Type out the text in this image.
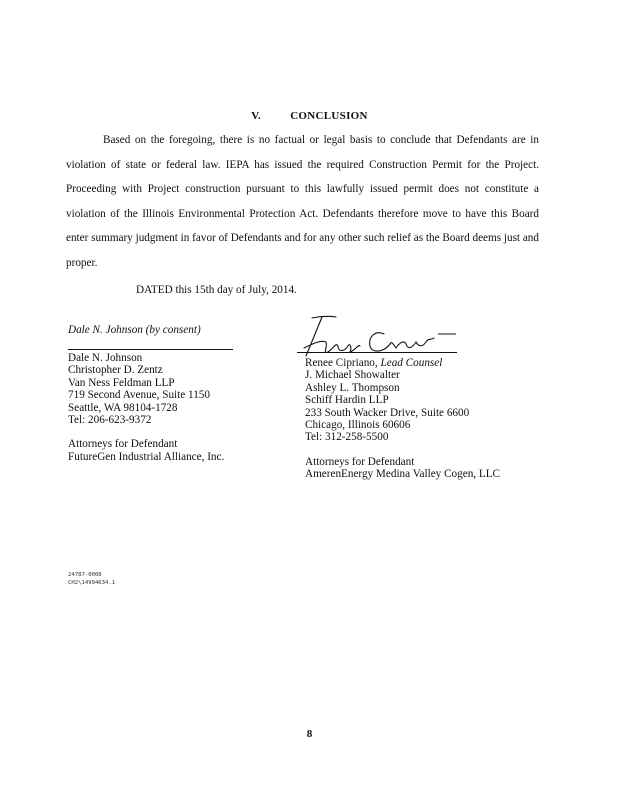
V.	CONCLUSION

Based on the foregoing, there is no factual or legal basis to conclude that Defendants are in violation of state or federal law. IEPA has issued the required Construction Permit for the Project. Proceeding with Project construction pursuant to this lawfully issued permit does not constitute a violation of the Illinois Environmental Protection Act. Defendants therefore move to have this Board enter summary judgment in favor of Defendants and for any other such relief as the Board deems just and proper.

DATED this 15th day of July, 2014.
Dale N. Johnson (by consent)
Dale N. Johnson
Christopher D. Zentz
Van Ness Feldman LLP
719 Second Avenue, Suite 1150
Seattle, WA 98104-1728
Tel: 206-623-9372
Attorneys for Defendant
FutureGen Industrial Alliance, Inc.
Renee Cipriano, Lead Counsel
J. Michael Showalter
Ashley L. Thompson
Schiff Hardin LLP
233 South Wacker Drive, Suite 6600
Chicago, Illinois 60606
Tel: 312-258-5500
Attorneys for Defendant
AmerenEnergy Medina Valley Cogen, LLC
24787-0008
CH2\14994634.1
8
